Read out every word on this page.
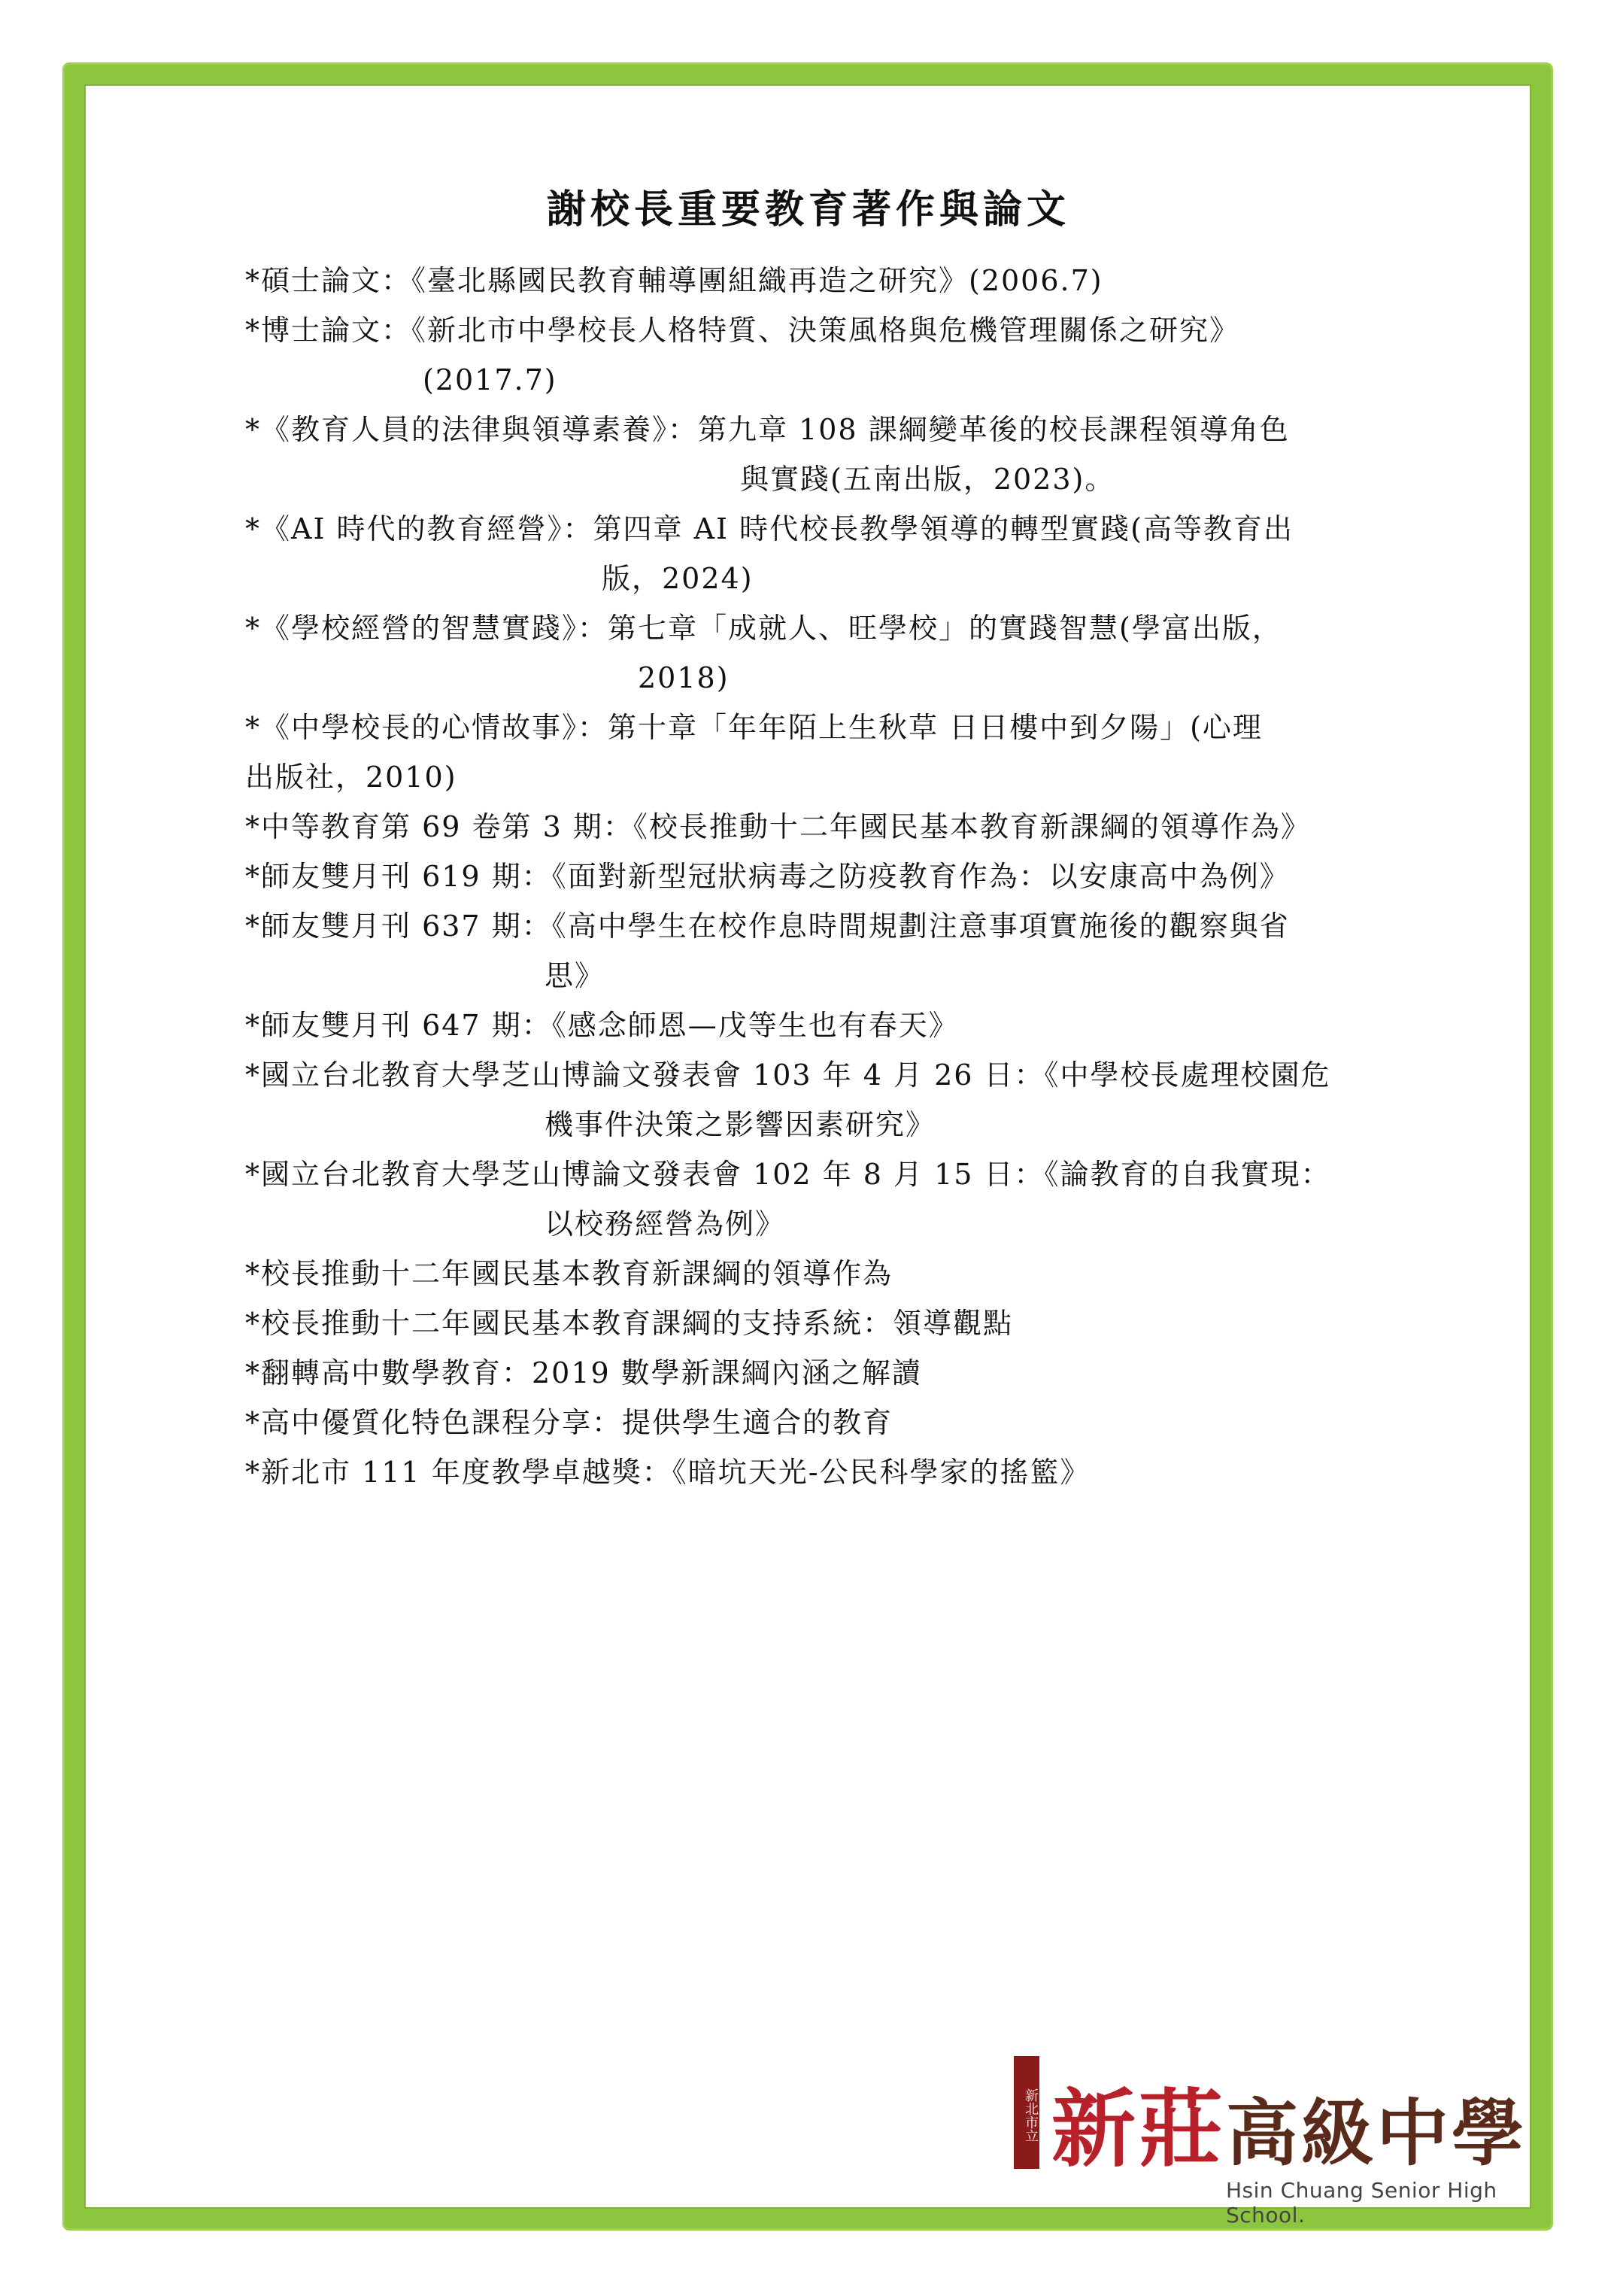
謝校長重要教育著作與論文
*碩士論文：《臺北縣國民教育輔導團組織再造之研究》(2006.7)
*博士論文：《新北市中學校長人格特質、決策風格與危機管理關係之研究》
(2017.7)
*《教育人員的法律與領導素養》：第九章 108 課綱變革後的校長課程領導角色
與實踐(五南出版，2023)。
*《AI 時代的教育經營》：第四章 AI 時代校長教學領導的轉型實踐(高等教育出
版，2024)
*《學校經營的智慧實踐》：第七章「成就人、旺學校」的實踐智慧(學富出版，
2018)
*《中學校長的心情故事》：第十章「年年陌上生秋草 日日樓中到夕陽」(心理
出版社，2010)
*中等教育第 69 卷第 3 期：《校長推動十二年國民基本教育新課綱的領導作為》
*師友雙月刊 619 期：《面對新型冠狀病毒之防疫教育作為：以安康高中為例》
*師友雙月刊 637 期：《高中學生在校作息時間規劃注意事項實施後的觀察與省
思》
*師友雙月刊 647 期：《感念師恩—戊等生也有春天》
*國立台北教育大學芝山博論文發表會 103 年 4 月 26 日：《中學校長處理校園危
機事件決策之影響因素研究》
*國立台北教育大學芝山博論文發表會 102 年 8 月 15 日：《論教育的自我實現：
以校務經營為例》
*校長推動十二年國民基本教育新課綱的領導作為
*校長推動十二年國民基本教育課綱的支持系統：領導觀點
*翻轉高中數學教育：2019 數學新課綱內涵之解讀
*高中優質化特色課程分享：提供學生適合的教育
*新北市 111 年度教學卓越獎：《暗坑天光-公民科學家的搖籃》
新北市立 新莊高級中學
Hsin Chuang Senior High School.
